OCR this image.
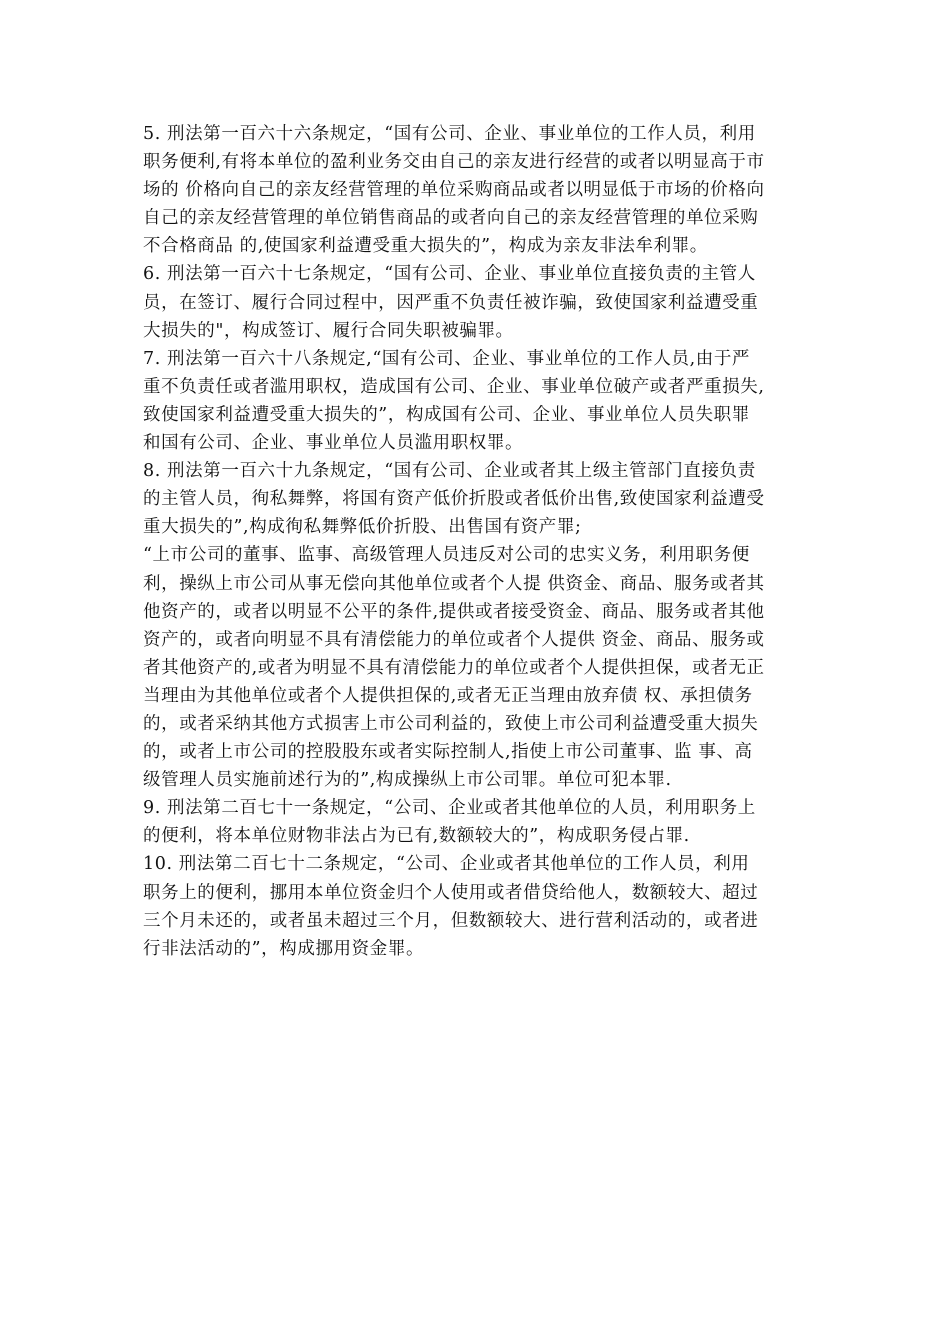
5. 刑法第一百六十六条规定，“国有公司、企业、事业单位的工作人员，利用
职务便利,有将本单位的盈利业务交由自己的亲友进行经营的或者以明显高于市
场的 价格向自己的亲友经营管理的单位采购商品或者以明显低于市场的价格向
自己的亲友经营管理的单位销售商品的或者向自己的亲友经营管理的单位采购
不合格商品 的,使国家利益遭受重大损失的”，构成为亲友非法牟利罪。
6. 刑法第一百六十七条规定，“国有公司、企业、事业单位直接负责的主管人
员，在签订、履行合同过程中，因严重不负责任被诈骗，致使国家利益遭受重
大损失的"，构成签订、履行合同失职被骗罪。
7. 刑法第一百六十八条规定,“国有公司、企业、事业单位的工作人员,由于严
重不负责任或者滥用职权，造成国有公司、企业、事业单位破产或者严重损失,
致使国家利益遭受重大损失的”，构成国有公司、企业、事业单位人员失职罪
和国有公司、企业、事业单位人员滥用职权罪。
8. 刑法第一百六十九条规定，“国有公司、企业或者其上级主管部门直接负责
的主管人员，徇私舞弊，将国有资产低价折股或者低价出售,致使国家利益遭受
重大损失的”,构成徇私舞弊低价折股、出售国有资产罪;
“上市公司的董事、监事、高级管理人员违反对公司的忠实义务，利用职务便
利，操纵上市公司从事无偿向其他单位或者个人提 供资金、商品、服务或者其
他资产的，或者以明显不公平的条件,提供或者接受资金、商品、服务或者其他
资产的，或者向明显不具有清偿能力的单位或者个人提供 资金、商品、服务或
者其他资产的,或者为明显不具有清偿能力的单位或者个人提供担保，或者无正
当理由为其他单位或者个人提供担保的,或者无正当理由放弃债 权、承担债务
的，或者采纳其他方式损害上市公司利益的，致使上市公司利益遭受重大损失
的，或者上市公司的控股股东或者实际控制人,指使上市公司董事、监 事、高
级管理人员实施前述行为的”,构成操纵上市公司罪。单位可犯本罪.
9. 刑法第二百七十一条规定，“公司、企业或者其他单位的人员，利用职务上
的便利，将本单位财物非法占为已有,数额较大的”，构成职务侵占罪.
10. 刑法第二百七十二条规定，“公司、企业或者其他单位的工作人员，利用
职务上的便利，挪用本单位资金归个人使用或者借贷给他人，数额较大、超过
三个月未还的，或者虽未超过三个月，但数额较大、进行营利活动的，或者进
行非法活动的”，构成挪用资金罪。
